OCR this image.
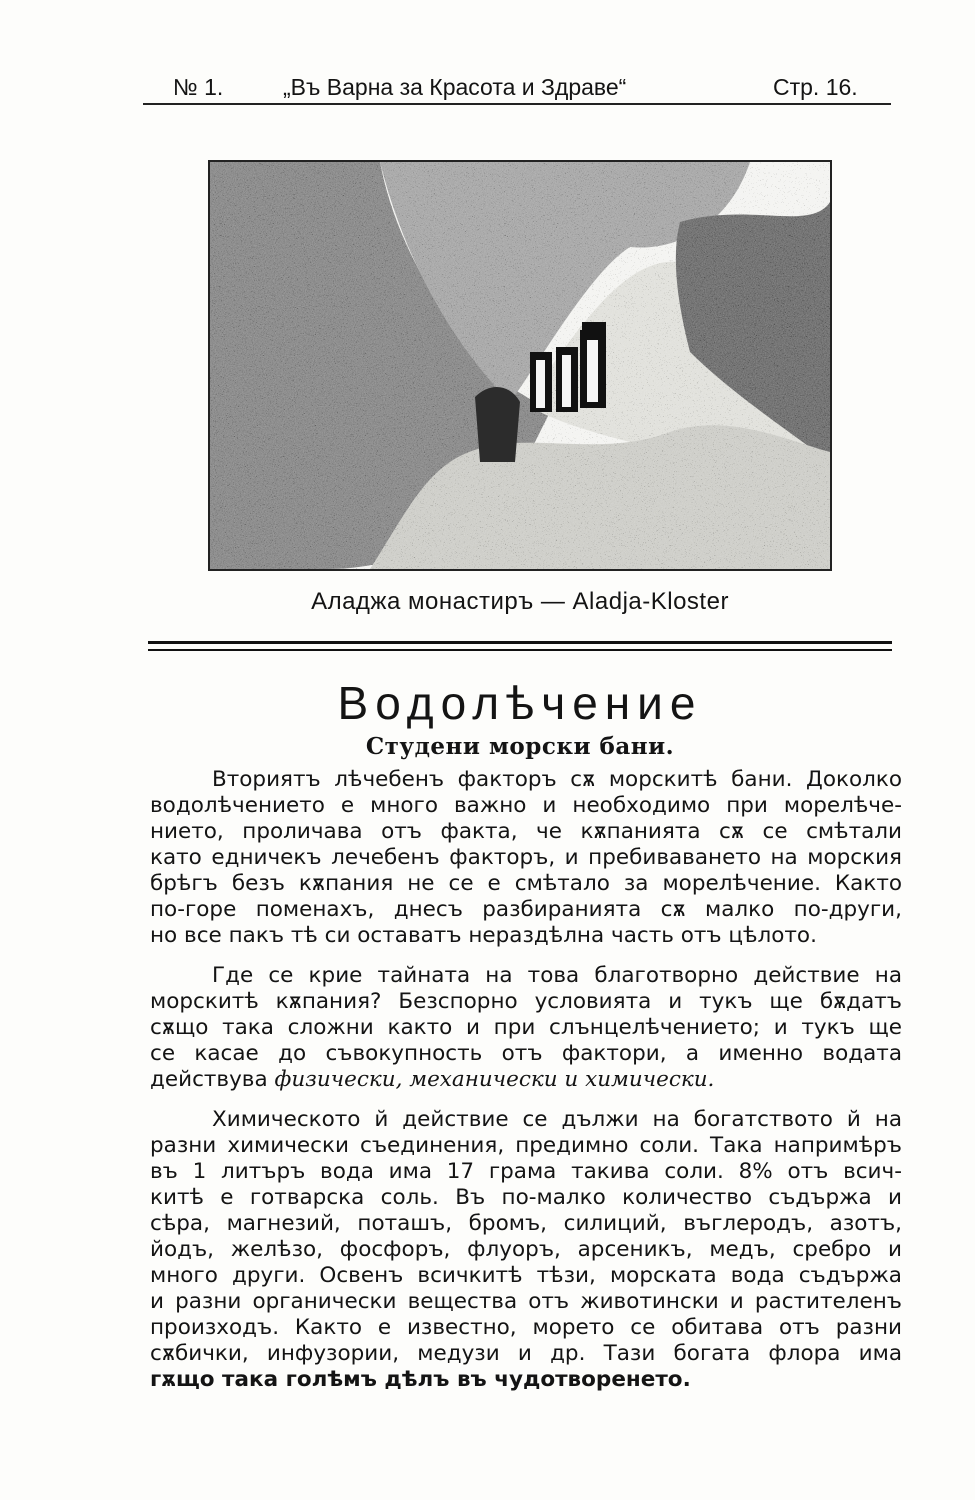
№ 1.	„Въ Варна за Красота и Здраве“	Стр. 16.
Аладжа монастиръ — Aladja-Kloster
Водолѣчение
Студени морски бани.
Вториятъ лѣчебенъ факторъ сѫ морскитѣ бани. Доколко
водолѣчението е много важно и необходимо при морелѣче-
нието, проличава отъ факта, че кѫпанията сѫ се смѣтали
като едничекъ лечебенъ факторъ, и пребиваването на морския
брѣгъ безъ кѫпания не се е смѣтало за морелѣчение. Както
по-горе поменахъ, днесъ разбиранията сѫ малко по-други,
но все пакъ тѣ си оставатъ нераздѣлна часть отъ цѣлото.
Где се крие тайната на това благотворно действие на
морскитѣ кѫпания? Безспорно условията и тукъ ще бѫдатъ
сѫщо така сложни както и при слънцелѣчението; и тукъ ще
се касае до съвокупность отъ фактори, а именно водата
действува физически, механически и химически.
Химическото й действие се дължи на богатството й на
разни химически съединения, предимно соли. Така напримѣръ
въ 1 литъръ вода има 17 грама такива соли. 8% отъ всич-
китѣ е готварска соль. Въ по-малко количество съдържа и
сѣра, магнезий, поташъ, бромъ, силиций, въглеродъ, азотъ,
йодъ, желѣзо, фосфоръ, флуоръ, арсеникъ, медъ, сребро и
много други. Освенъ всичкитѣ тѣзи, морската вода съдържа
и разни органически вещества отъ животински и растителенъ
произходъ. Както е известно, морето се обитава отъ разни
сѫбички, инфузории, медузи и др. Тази богата флора има
гѫщо така голѣмъ дѣлъ въ чудотворенето.
